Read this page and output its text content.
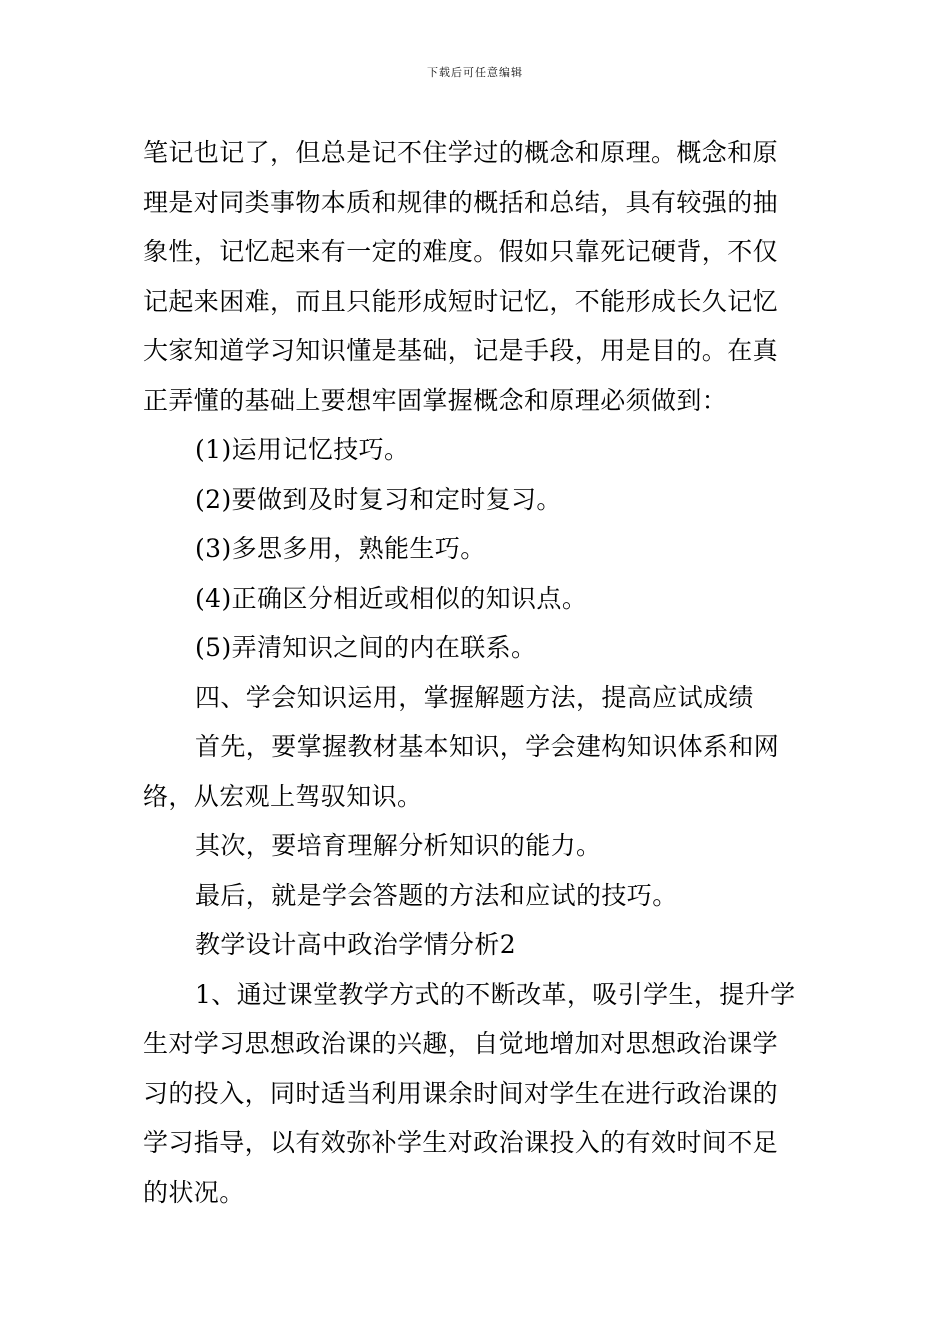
下载后可任意编辑
笔记也记了，但总是记不住学过的概念和原理。概念和原
理是对同类事物本质和规律的概括和总结，具有较强的抽
象性，记忆起来有一定的难度。假如只靠死记硬背，不仅
记起来困难，而且只能形成短时记忆，不能形成长久记忆
大家知道学习知识懂是基础，记是手段，用是目的。在真
正弄懂的基础上要想牢固掌握概念和原理必须做到：
(1)运用记忆技巧。
(2)要做到及时复习和定时复习。
(3)多思多用，熟能生巧。
(4)正确区分相近或相似的知识点。
(5)弄清知识之间的内在联系。
四、学会知识运用，掌握解题方法，提高应试成绩
首先，要掌握教材基本知识，学会建构知识体系和网
络，从宏观上驾驭知识。
其次，要培育理解分析知识的能力。
最后，就是学会答题的方法和应试的技巧。
教学设计高中政治学情分析2
1、通过课堂教学方式的不断改革，吸引学生，提升学
生对学习思想政治课的兴趣，自觉地增加对思想政治课学
习的投入，同时适当利用课余时间对学生在进行政治课的
学习指导，以有效弥补学生对政治课投入的有效时间不足
的状况。
